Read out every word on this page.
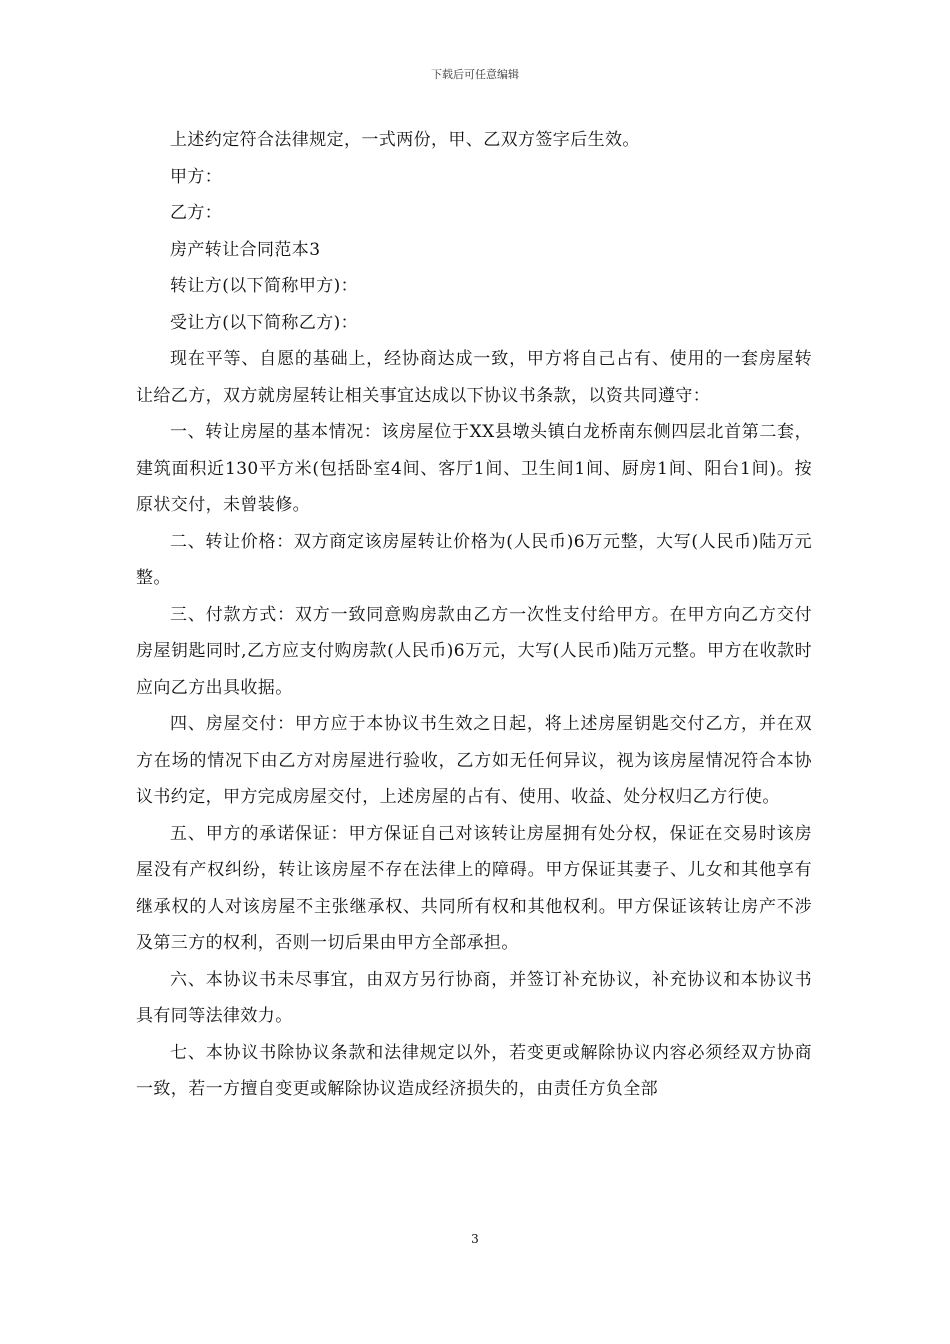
下载后可任意编辑

上述约定符合法律规定，一式两份，甲、乙双方签字后生效。

甲方：

乙方：

房产转让合同范本3

转让方(以下简称甲方)：

受让方(以下简称乙方)：

现在平等、自愿的基础上，经协商达成一致，甲方将自己占有、使用的一套房屋转让给乙方，双方就房屋转让相关事宜达成以下协议书条款，以资共同遵守：

一、转让房屋的基本情况：该房屋位于XX县墩头镇白龙桥南东侧四层北首第二套，建筑面积近130平方米(包括卧室4间、客厅1间、卫生间1间、厨房1间、阳台1间)。按原状交付，未曾装修。

二、转让价格：双方商定该房屋转让价格为(人民币)6万元整，大写(人民币)陆万元整。

三、付款方式：双方一致同意购房款由乙方一次性支付给甲方。在甲方向乙方交付房屋钥匙同时,乙方应支付购房款(人民币)6万元，大写(人民币)陆万元整。甲方在收款时应向乙方出具收据。

四、房屋交付：甲方应于本协议书生效之日起，将上述房屋钥匙交付乙方，并在双方在场的情况下由乙方对房屋进行验收，乙方如无任何异议，视为该房屋情况符合本协议书约定，甲方完成房屋交付，上述房屋的占有、使用、收益、处分权归乙方行使。

五、甲方的承诺保证：甲方保证自己对该转让房屋拥有处分权，保证在交易时该房屋没有产权纠纷，转让该房屋不存在法律上的障碍。甲方保证其妻子、儿女和其他享有继承权的人对该房屋不主张继承权、共同所有权和其他权利。甲方保证该转让房产不涉及第三方的权利，否则一切后果由甲方全部承担。

六、本协议书未尽事宜，由双方另行协商，并签订补充协议，补充协议和本协议书具有同等法律效力。

七、本协议书除协议条款和法律规定以外，若变更或解除协议内容必须经双方协商一致，若一方擅自变更或解除协议造成经济损失的，由责任方负全部

3
